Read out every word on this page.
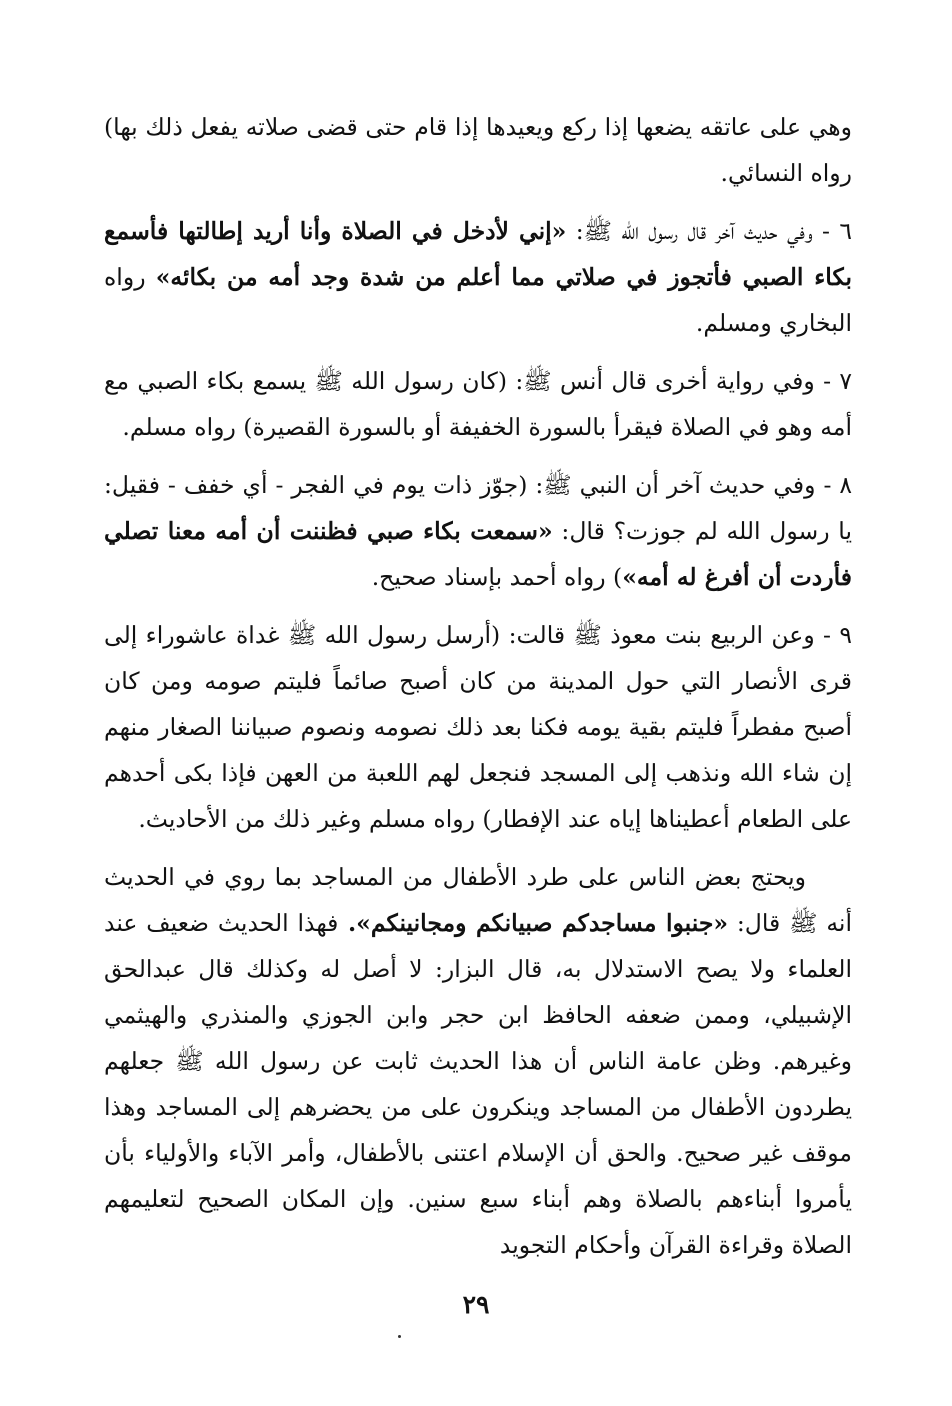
وهي على عاتقه يضعها إذا ركع ويعيدها إذا قام حتى قضى صلاته يفعل ذلك بها) رواه النسائي.

٦ - وفي حديث آخر قال رسول الله ﷺ: «إني لأدخل في الصلاة وأنا أريد إطالتها فأسمع بكاء الصبي فأتجوز في صلاتي مما أعلم من شدة وجد أمه من بكائه» رواه البخاري ومسلم.

٧ - وفي رواية أخرى قال أنس ﷺ: (كان رسول الله ﷺ يسمع بكاء الصبي مع أمه وهو في الصلاة فيقرأ بالسورة الخفيفة أو بالسورة القصيرة) رواه مسلم.

٨ - وفي حديث آخر أن النبي ﷺ: (جوّز ذات يوم في الفجر - أي خفف - فقيل: يا رسول الله لم جوزت؟ قال: «سمعت بكاء صبي فظننت أن أمه معنا تصلي فأردت أن أفرغ له أمه») رواه أحمد بإسناد صحيح.

٩ - وعن الربيع بنت معوذ ﷺ قالت: (أرسل رسول الله ﷺ غداة عاشوراء إلى قرى الأنصار التي حول المدينة من كان أصبح صائماً فليتم صومه ومن كان أصبح مفطراً فليتم بقية يومه فكنا بعد ذلك نصومه ونصوم صبياننا الصغار منهم إن شاء الله ونذهب إلى المسجد فنجعل لهم اللعبة من العهن فإذا بكى أحدهم على الطعام أعطيناها إياه عند الإفطار) رواه مسلم وغير ذلك من الأحاديث.

ويحتج بعض الناس على طرد الأطفال من المساجد بما روي في الحديث أنه ﷺ قال: «جنبوا مساجدكم صبيانكم ومجانينكم». فهذا الحديث ضعيف عند العلماء ولا يصح الاستدلال به، قال البزار: لا أصل له وكذلك قال عبدالحق الإشبيلي، وممن ضعفه الحافظ ابن حجر وابن الجوزي والمنذري والهيثمي وغيرهم. وظن عامة الناس أن هذا الحديث ثابت عن رسول الله ﷺ جعلهم يطردون الأطفال من المساجد وينكرون على من يحضرهم إلى المساجد وهذا موقف غير صحيح. والحق أن الإسلام اعتنى بالأطفال، وأمر الآباء والأولياء بأن يأمروا أبناءهم بالصلاة وهم أبناء سبع سنين. وإن المكان الصحيح لتعليمهم الصلاة وقراءة القرآن وأحكام التجويد

٢٩
